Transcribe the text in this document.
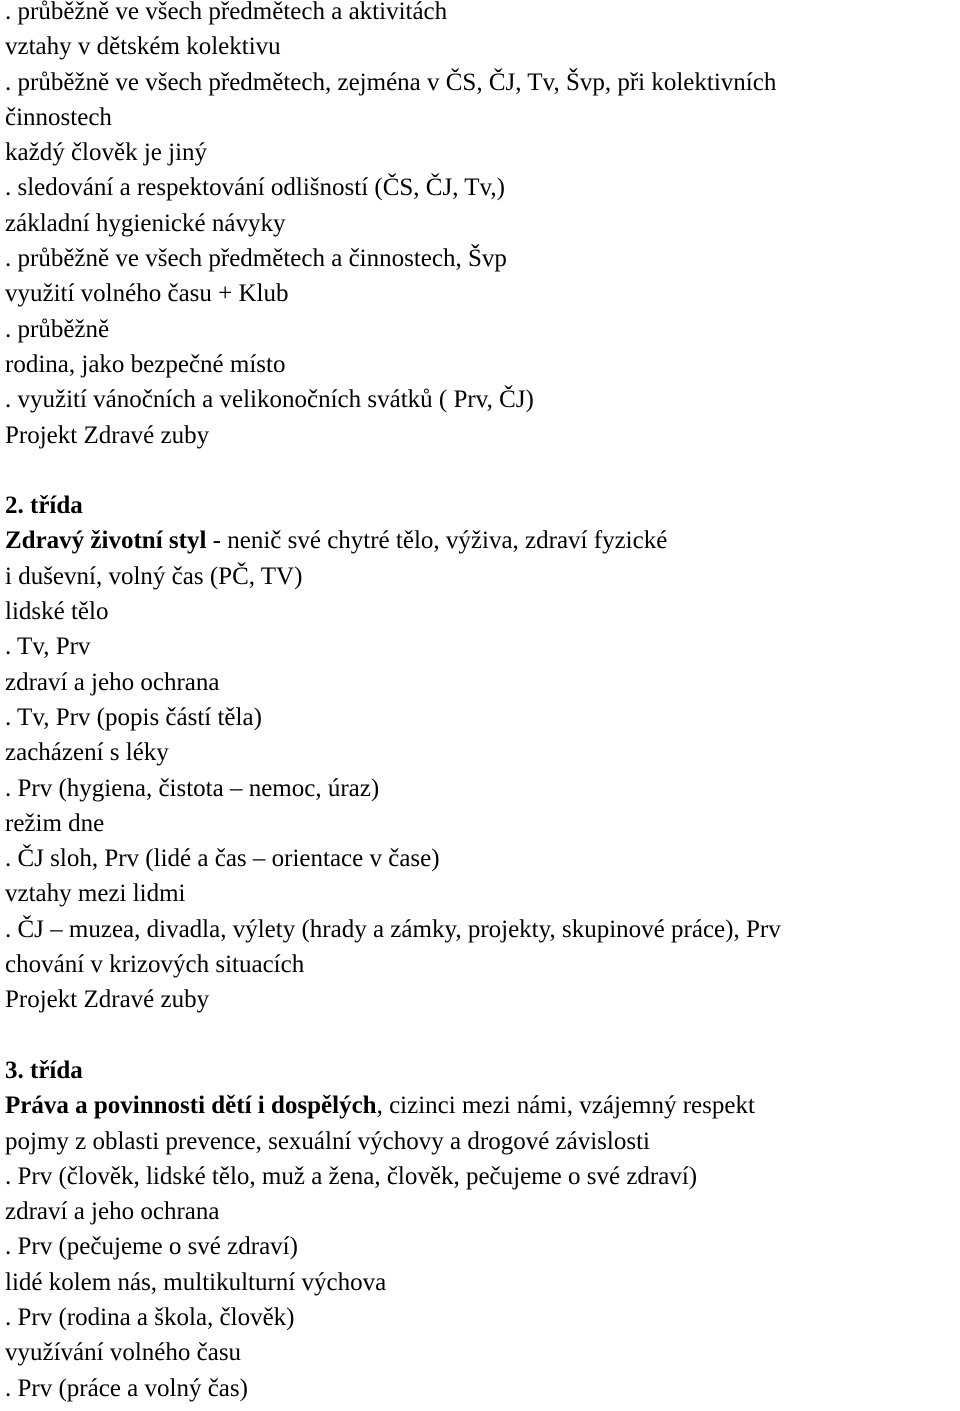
. průběžně ve všech předmětech a aktivitách
vztahy v dětském kolektivu
. průběžně ve všech předmětech, zejména v ČS, ČJ, Tv, Švp, při kolektivních
činnostech
každý člověk je jiný
. sledování a respektování odlišností (ČS, ČJ, Tv,)
základní hygienické návyky
. průběžně ve všech předmětech a činnostech, Švp
využití volného času + Klub
. průběžně
rodina, jako bezpečné místo
. využití vánočních a velikonočních svátků ( Prv, ČJ)
Projekt Zdravé zuby
2. třída
Zdravý životní styl - nenič své chytré tělo, výživa, zdraví fyzické
i duševní, volný čas (PČ, TV)
lidské tělo
. Tv, Prv
zdraví a jeho ochrana
. Tv, Prv (popis částí těla)
zacházení s léky
. Prv (hygiena, čistota – nemoc, úraz)
režim dne
. ČJ sloh, Prv (lidé a čas – orientace v čase)
vztahy mezi lidmi
. ČJ – muzea, divadla, výlety (hrady a zámky, projekty, skupinové práce), Prv
chování v krizových situacích
Projekt Zdravé zuby
3. třída
Práva a povinnosti dětí i dospělých, cizinci mezi námi, vzájemný respekt
pojmy z oblasti prevence, sexuální výchovy a drogové závislosti
. Prv (člověk, lidské tělo, muž a žena, člověk, pečujeme o své zdraví)
zdraví a jeho ochrana
. Prv (pečujeme o své zdraví)
lidé kolem nás, multikulturní výchova
. Prv (rodina a škola, člověk)
využívání volného času
. Prv (práce a volný čas)
